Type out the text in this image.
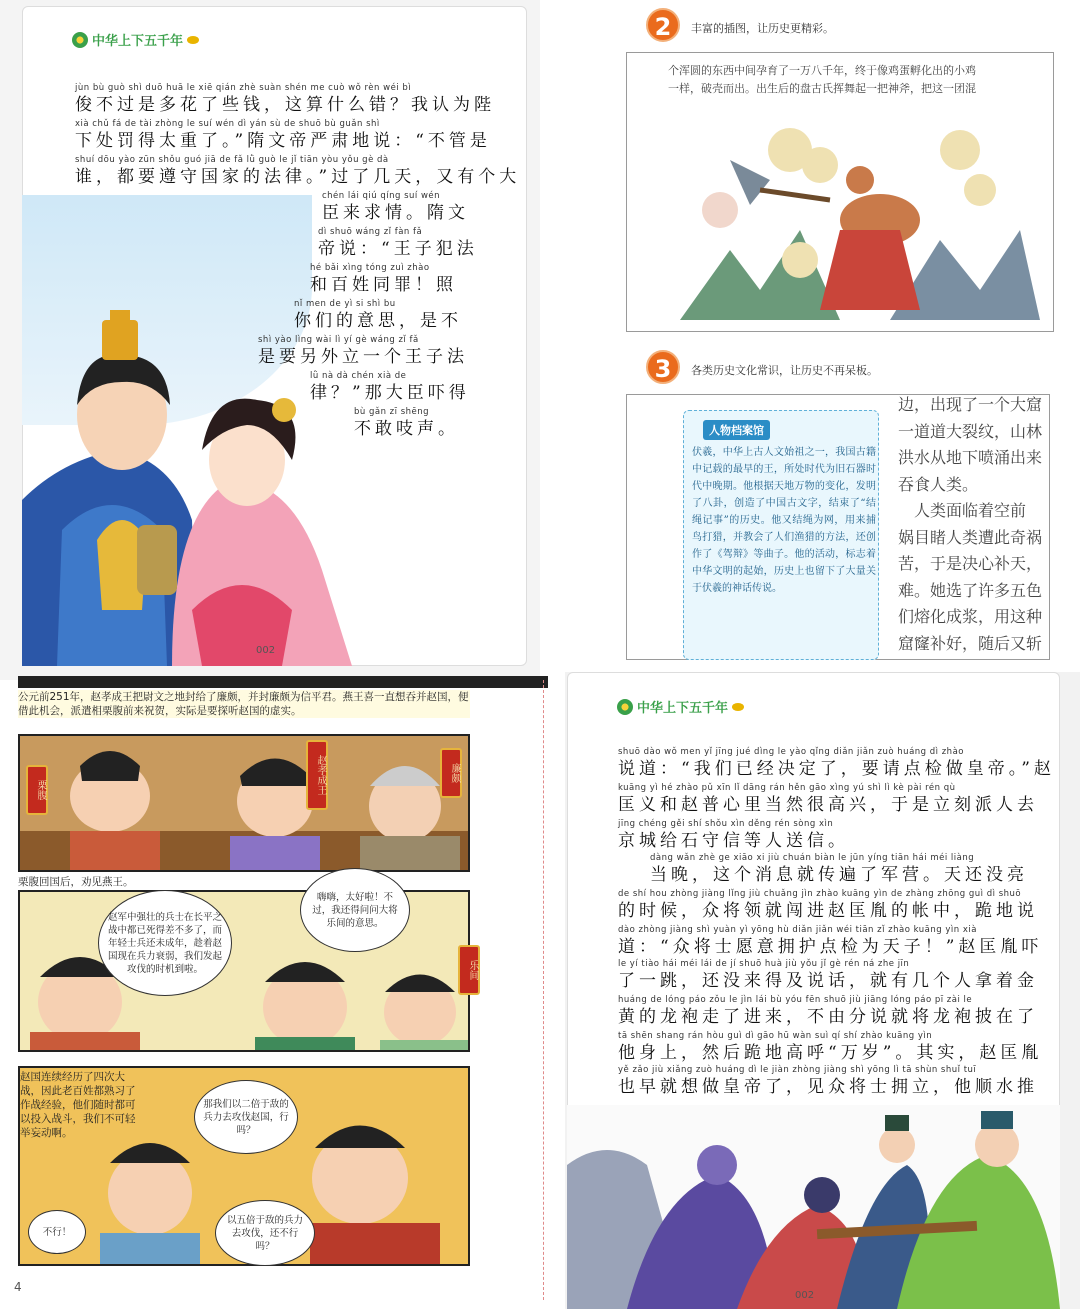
中华上下五千年
jùn bù guò shì duō huā le xiē qián zhè suàn shén me cuò wǒ rèn wéi bì
俊不过是多花了些钱，这算什么错？我认为陛
xià chǔ fá de tài zhòng le suí wén dì yán sù de shuō bù guǎn shì
下处罚得太重了。”隋文帝严肃地说：“不管是
shuí dōu yào zūn shǒu guó jiā de fǎ lǜ guò le jǐ tiān yòu yǒu gè dà
谁，都要遵守国家的法律。”过了几天，又有个大
chén lái qiú qíng suí wén
臣来求情。隋文
dì shuō wáng zǐ fàn fǎ
帝说：“王子犯法
hé bǎi xìng tóng zuì zhào
和百姓同罪！照
nǐ men de yì si shì bu
你们的意思，是不
shì yào lìng wài lì yí gè wáng zǐ fǎ
是要另外立一个王子法
lǜ nà dà chén xià de
律？”那大臣吓得
bù gǎn zī shēng
不敢吱声。
002
2	丰富的插图，让历史更精彩。
个浑圆的东西中间孕育了一万八千年，终于像鸡蛋孵化出的小鸡
一样，破壳而出。出生后的盘古氏挥舞起一把神斧，把这一团混
3	各类历史文化常识，让历史不再呆板。
人物档案馆
伏羲，中华上古人文始祖之一，我国古籍中记载的最早的王，所处时代为旧石器时代中晚期。他根据天地万物的变化，发明了八卦，创造了中国古文字，结束了“结绳记事”的历史。他又结绳为网，用来捕鸟打猎，并教会了人们渔猎的方法，还创作了《驾辩》等曲子。他的活动，标志着中华文明的起始，历史上也留下了大量关于伏羲的神话传说。
边，出现了一个大窟
一道道大裂纹，山林
洪水从地下喷涌出来
吞食人类。
　人类面临着空前
娲目睹人类遭此奇祸
苦，于是决心补天，
难。她选了许多五色
们熔化成浆，用这种
窟窿补好，随后又斩
公元前251年，赵孝成王把尉文之地封给了廉颇，并封廉颇为信平君。燕王喜一直想吞并赵国，便借此机会，派遣相栗腹前来祝贺，实际是要探听赵国的虚实。
栗腹	赵孝成王	廉颇
栗腹回国后，劝见燕王。
赵军中强壮的兵士在长平之战中都已死得差不多了，而年轻士兵还未成年，趁着赵国现在兵力衰弱，我们发起攻伐的时机到啦。
嗨嗨，太好啦！不过，我还得问问大将乐间的意思。
乐间
赵国连续经历了四次大战，因此老百姓都熟习了作战经验，他们随时都可以投入战斗，我们不可轻举妄动啊。
那我们以二倍于敌的兵力去攻伐赵国，行吗？
不行！
以五倍于敌的兵力去攻伐，还不行吗？
4
中华上下五千年
shuō dào wǒ men yǐ jīng jué dìng le yào qǐng diǎn jiǎn zuò huáng dì zhào
说道：“我们已经决定了，要请点检做皇帝。”赵
kuāng yì hé zhào pǔ xīn lǐ dāng rán hěn gāo xìng yú shì lì kè pài rén qù
匡义和赵普心里当然很高兴，于是立刻派人去
jīng chéng gěi shí shǒu xìn děng rén sòng xìn
京城给石守信等人送信。
dàng wǎn zhè ge xiāo xi jiù chuán biàn le jūn yíng tiān hái méi liàng
当晚，这个消息就传遍了军营。天还没亮
de shí hou zhòng jiàng lǐng jiù chuǎng jìn zhào kuāng yìn de zhàng zhōng guì dì shuō
的时候，众将领就闯进赵匡胤的帐中，跪地说
dào zhòng jiàng shì yuàn yì yōng hù diǎn jiǎn wéi tiān zǐ zhào kuāng yìn xià
道：“众将士愿意拥护点检为天子！”赵匡胤吓
le yí tiào hái méi lái de jí shuō huà jiù yǒu jǐ gè rén ná zhe jīn
了一跳，还没来得及说话，就有几个人拿着金
huáng de lóng páo zǒu le jìn lái bù yóu fēn shuō jiù jiāng lóng páo pī zài le
黄的龙袍走了进来，不由分说就将龙袍披在了
tā shēn shang rán hòu guì dì gāo hū wàn suì qí shí zhào kuāng yìn
他身上，然后跪地高呼“万岁”。其实，赵匡胤
yě zǎo jiù xiǎng zuò huáng dì le jiàn zhòng jiàng shì yōng lì tā shùn shuǐ tuī
也早就想做皇帝了，见众将士拥立，他顺水推
002
